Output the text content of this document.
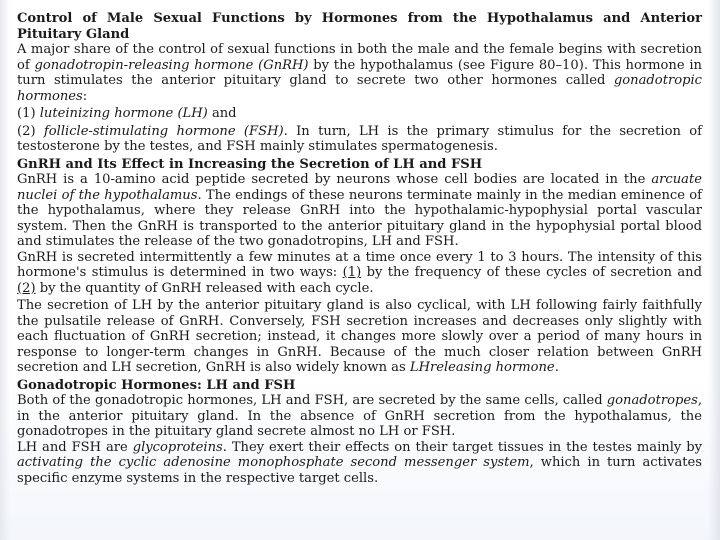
Control of Male Sexual Functions by Hormones from the Hypothalamus and Anterior Pituitary Gland

A major share of the control of sexual functions in both the male and the female begins with secretion of gonadotropin-releasing hormone (GnRH) by the hypothalamus (see Figure 80–10). This hormone in turn stimulates the anterior pituitary gland to secrete two other hormones called gonadotropic hormones:

(1) luteinizing hormone (LH) and

(2) follicle-stimulating hormone (FSH). In turn, LH is the primary stimulus for the secretion of testosterone by the testes, and FSH mainly stimulates spermatogenesis.

GnRH and Its Effect in Increasing the Secretion of LH and FSH

GnRH is a 10-amino acid peptide secreted by neurons whose cell bodies are located in the arcuate nuclei of the hypothalamus. The endings of these neurons terminate mainly in the median eminence of the hypothalamus, where they release GnRH into the hypothalamic-hypophysial portal vascular system. Then the GnRH is transported to the anterior pituitary gland in the hypophysial portal blood and stimulates the release of the two gonadotropins, LH and FSH.

GnRH is secreted intermittently a few minutes at a time once every 1 to 3 hours. The intensity of this hormone's stimulus is determined in two ways: (1) by the frequency of these cycles of secretion and (2) by the quantity of GnRH released with each cycle.

The secretion of LH by the anterior pituitary gland is also cyclical, with LH following fairly faithfully the pulsatile release of GnRH. Conversely, FSH secretion increases and decreases only slightly with each fluctuation of GnRH secretion; instead, it changes more slowly over a period of many hours in response to longer-term changes in GnRH. Because of the much closer relation between GnRH secretion and LH secretion, GnRH is also widely known as LHreleasing hormone.

Gonadotropic Hormones: LH and FSH

Both of the gonadotropic hormones, LH and FSH, are secreted by the same cells, called gonadotropes, in the anterior pituitary gland. In the absence of GnRH secretion from the hypothalamus, the gonadotropes in the pituitary gland secrete almost no LH or FSH.

LH and FSH are glycoproteins. They exert their effects on their target tissues in the testes mainly by activating the cyclic adenosine monophosphate second messenger system, which in turn activates specific enzyme systems in the respective target cells.
